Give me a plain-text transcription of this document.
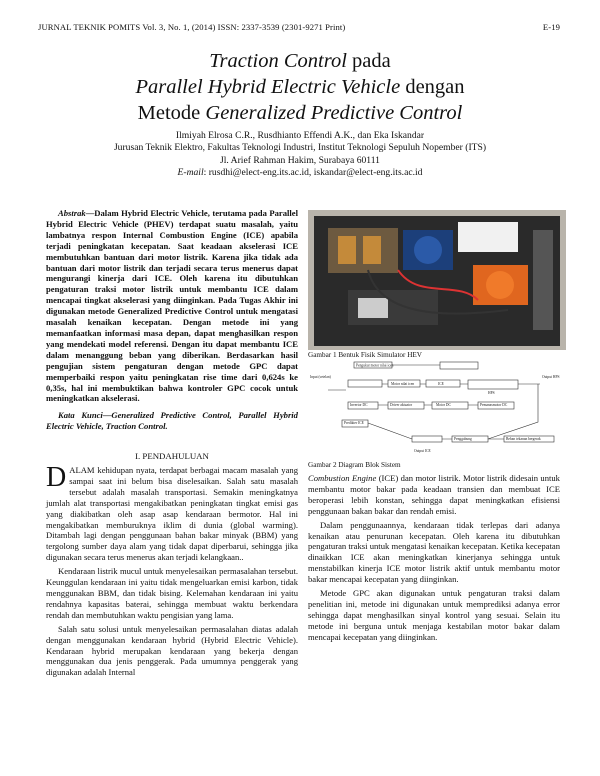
JURNAL TEKNIK POMITS Vol. 3, No. 1, (2014) ISSN: 2337-3539 (2301-9271 Print)	E-19
Traction Control pada
Parallel Hybrid Electric Vehicle dengan
Metode Generalized Predictive Control
Ilmiyah Elrosa C.R., Rusdhianto Effendi A.K., dan Eka Iskandar
Jurusan Teknik Elektro, Fakultas Teknologi Industri, Institut Teknologi Sepuluh Nopember (ITS)
Jl. Arief Rahman Hakim, Surabaya 60111
E-mail: rusdhi@elect-eng.its.ac.id, iskandar@elect-eng.its.ac.id

Abstrak—Dalam Hybrid Electric Vehicle, terutama pada Parallel Hybrid Electric Vehicle (PHEV) terdapat suatu masalah, yaitu lambatnya respon Internal Combustion Engine (ICE) apabila terjadi peningkatan kecepatan. Saat keadaan akselerasi ICE membutuhkan bantuan dari motor listrik. Karena jika tidak ada bantuan dari motor listrik dan terjadi secara terus menerus dapat mengurangi kinerja dari ICE. Oleh karena itu dibutuhkan pengaturan traksi motor listrik untuk membantu ICE dalam mencapai tingkat akselerasi yang diinginkan. Pada Tugas Akhir ini digunakan metode Generalized Predictive Control untuk mengatasi masalah kenaikan kecepatan. Dengan metode ini yang memanfaatkan informasi masa depan, dapat menghasilkan respon yang mendekati model referensi. Dengan itu dapat membantu ICE dalam menanggung beban yang diberikan. Berdasarkan hasil pengujian sistem pengaturan dengan metode GPC dapat memperbaiki respon yaitu peningkatan rise time dari 0,624s ke 0,35s, hal ini membuktikan bahwa kontroler GPC cocok untuk meningkatkan akselerasi.

Kata Kunci—Generalized Predictive Control, Parallel Hybrid Electric Vehicle, Traction Control.

I. PENDAHULUAN

DALAM kehidupan nyata, terdapat berbagai macam masalah yang sampai saat ini belum bisa diselesaikan. Salah satu masalah tersebut adalah masalah transportasi. Semakin meningkatnya jumlah alat transportasi mengakibatkan peningkatan tingkat emisi gas yang diakibatkan oleh asap asap kendaraan bermotor. Hal ini mengakibatkan memburuknya iklim di dunia (global warming). Ditambah lagi dengan penggunaan bahan bakar minyak (BBM) yang tergolong sumber daya alam yang tidak dapat diperbarui, sehingga jika digunakan secara terus menerus akan terjadi kelangkaan..

Kendaraan listrik mucul untuk menyelesaikan permasalahan tersebut. Keunggulan kendaraan ini yaitu tidak mengeluarkan emisi karbon, tidak menggunakan BBM, dan tidak bising. Kelemahan kendaraan ini yaitu rendahnya kapasitas baterai, sehingga membuat waktu berkendara rendah dan membutuhkan waktu pengisian yang lama.

Salah satu solusi untuk menyelesaikan permasalahan diatas adalah dengan menggunakan kendaraan hybrid (Hybrid Electric Vehicle). Kendaraan hybrid merupakan kendaraan yang bekerja dengan menggunakan dua jenis penggerak. Pada umumnya penggerak yang digunakan adalah Internal

Gambar 1 Bentuk Fisik Simulator HEV
Pengukur motor nilai icen
Motor nilai icen	ICE
HPS
Invertor DC	Driver aktuator	Motor DC	Pemanasmotor DC
Penggabung
Predikter ICE
Output ICE
Input (setelan)
Beban tekanan bergerak
Output HPS
Gambar 2 Diagram Blok Sistem

Combustion Engine (ICE) dan motor listrik. Motor listrik didesain untuk membantu motor bakar pada keadaan transien dan membuat ICE beroperasi lebih konstan, sehingga dapat meningkatkan efisiensi penggunaan bakan bakar dan rendah emisi.

Dalam penggunaannya, kendaraan tidak terlepas dari adanya kenaikan atau penurunan kecepatan. Oleh karena itu dibutuhkan pengaturan traksi untuk mengatasi kenaikan kecepatan. Ketika kecepatan dinaikkan ICE akan meningkatkan kinerjanya sehingga untuk menstabilkan kinerja ICE motor listrik aktif untuk membantu motor bakar mencapai kecepatan yang diinginkan.

Metode GPC akan digunakan untuk pengaturan traksi dalam penelitian ini, metode ini digunakan untuk memprediksi adanya error sehingga dapat menghasilkan sinyal kontrol yang sesuai. Selain itu metode ini berguna untuk menjaga kestabilan motor bakar dalam mencapai kecepatan yang diinginkan.
